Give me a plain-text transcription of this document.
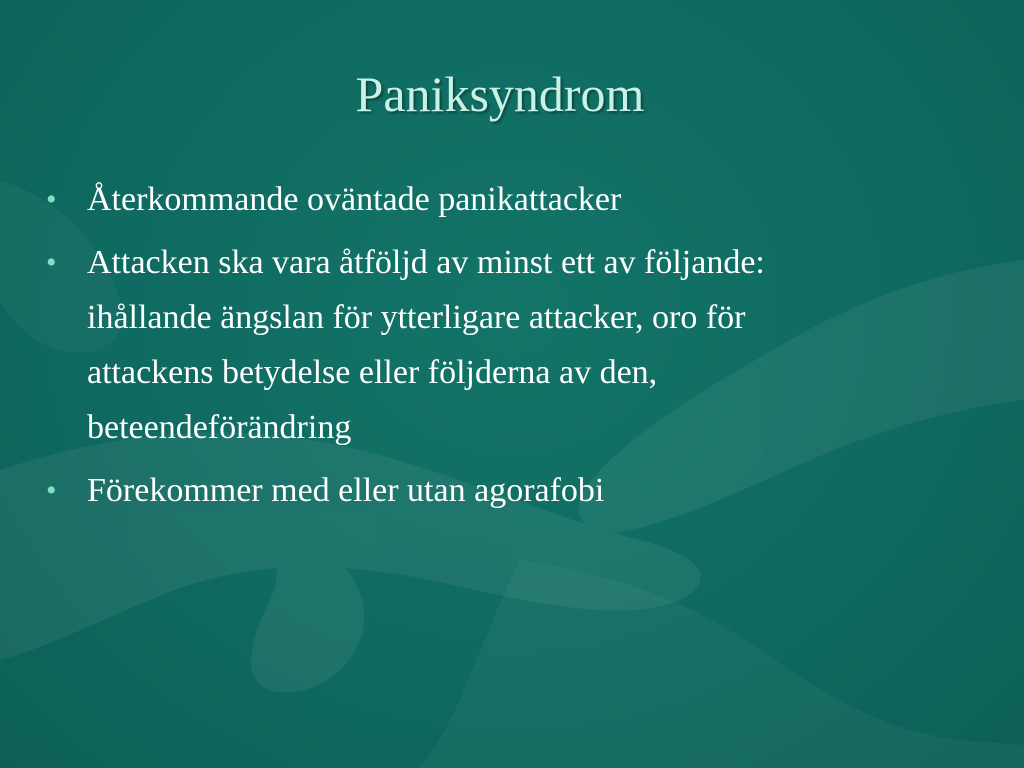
Paniksyndrom
• Återkommande oväntade panikattacker
• Attacken ska vara åtföljd av minst ett av följande: ihållande ängslan för ytterligare attacker, oro för attackens betydelse eller följderna av den, beteendeförändring
• Förekommer med eller utan agorafobi
